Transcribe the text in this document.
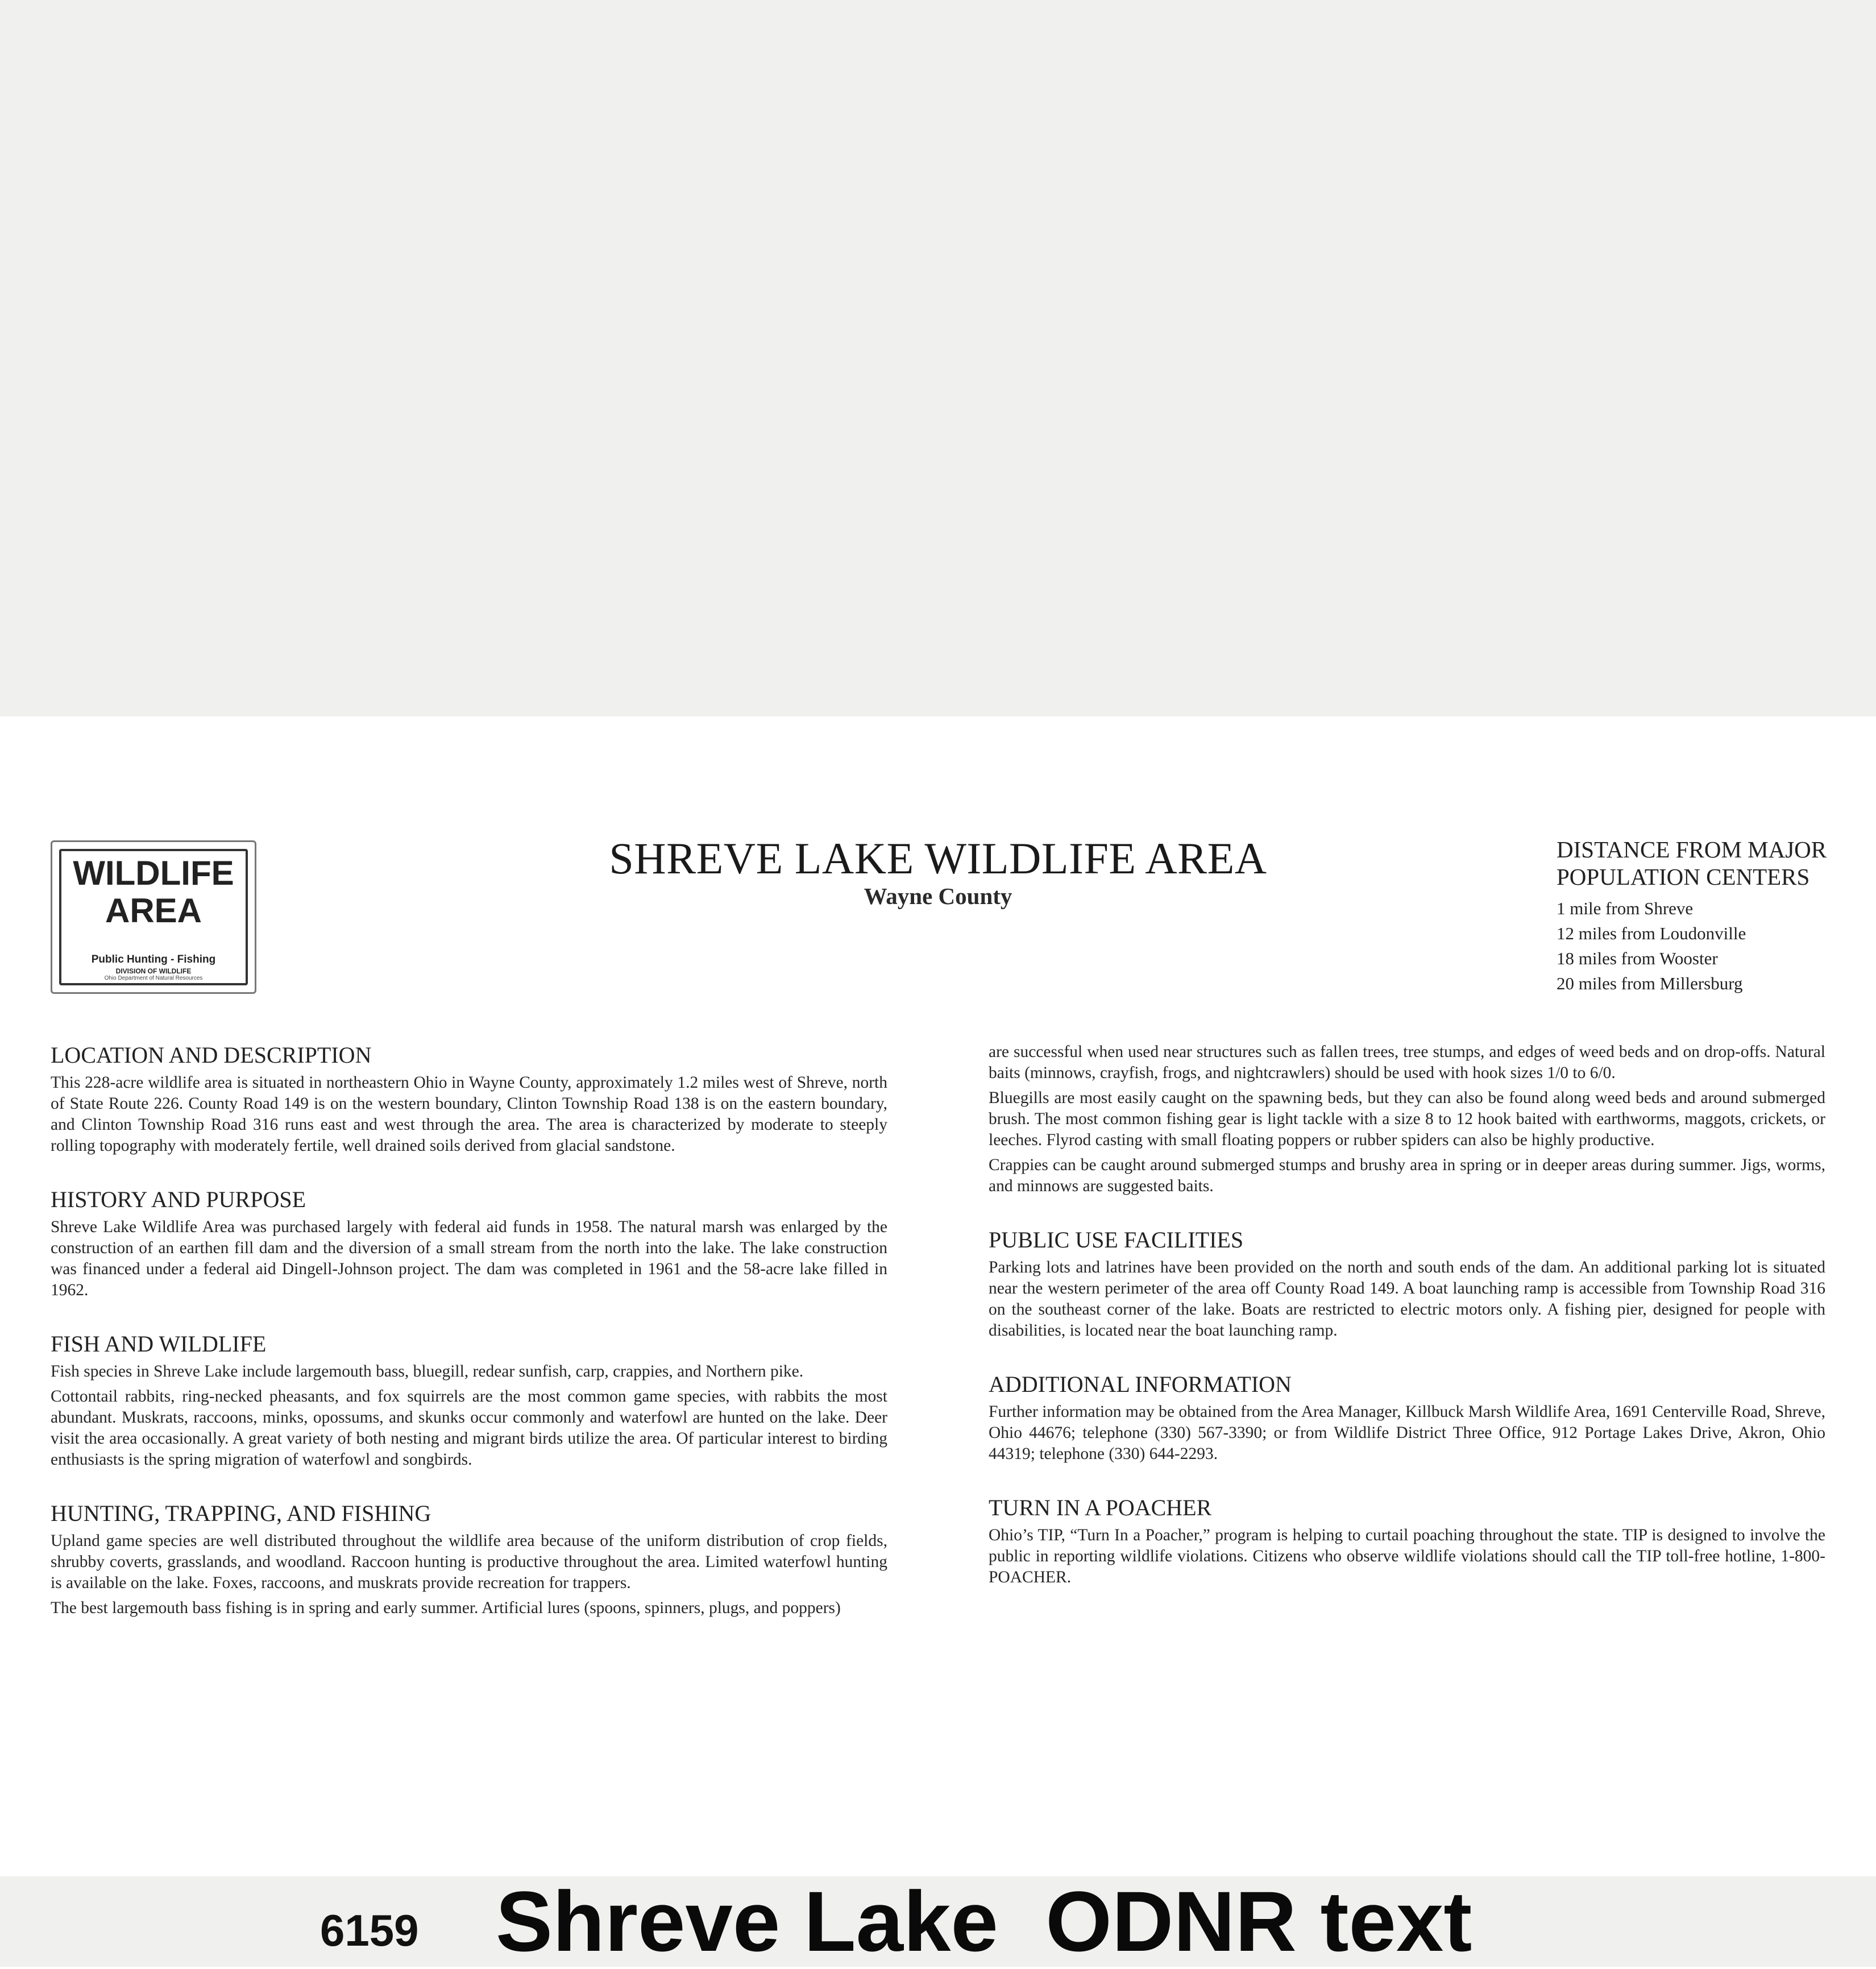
WILDLIFE
AREA
Public Hunting - Fishing
DIVISION OF WILDLIFE
Ohio Department of Natural Resources
SHREVE LAKE WILDLIFE AREA
Wayne County
DISTANCE FROM MAJOR
POPULATION CENTERS
1 mile from Shreve
12 miles from Loudonville
18 miles from Wooster
20 miles from Millersburg
LOCATION AND DESCRIPTION

This 228-acre wildlife area is situated in northeastern Ohio in Wayne County, approximately 1.2 miles west of Shreve, north of State Route 226. County Road 149 is on the western boundary, Clinton Township Road 138 is on the eastern boundary, and Clinton Township Road 316 runs east and west through the area. The area is characterized by moderate to steeply rolling topography with moderately fertile, well drained soils derived from glacial sandstone.

HISTORY AND PURPOSE

Shreve Lake Wildlife Area was purchased largely with federal aid funds in 1958. The natural marsh was enlarged by the construction of an earthen fill dam and the diversion of a small stream from the north into the lake. The lake construction was financed under a federal aid Dingell-Johnson project. The dam was completed in 1961 and the 58-acre lake filled in 1962.

FISH AND WILDLIFE

Fish species in Shreve Lake include largemouth bass, bluegill, redear sunfish, carp, crappies, and Northern pike.

Cottontail rabbits, ring-necked pheasants, and fox squirrels are the most common game species, with rabbits the most abundant. Muskrats, raccoons, minks, opossums, and skunks occur commonly and waterfowl are hunted on the lake. Deer visit the area occasionally. A great variety of both nesting and migrant birds utilize the area. Of particular interest to birding enthusiasts is the spring migration of waterfowl and songbirds.

HUNTING, TRAPPING, AND FISHING

Upland game species are well distributed throughout the wildlife area because of the uniform distribution of crop fields, shrubby coverts, grasslands, and woodland. Raccoon hunting is productive throughout the area. Limited waterfowl hunting is available on the lake. Foxes, raccoons, and muskrats provide recreation for trappers.

The best largemouth bass fishing is in spring and early summer. Artificial lures (spoons, spinners, plugs, and poppers)

are successful when used near structures such as fallen trees, tree stumps, and edges of weed beds and on drop-offs. Natural baits (minnows, crayfish, frogs, and nightcrawlers) should be used with hook sizes 1/0 to 6/0.

Bluegills are most easily caught on the spawning beds, but they can also be found along weed beds and around submerged brush. The most common fishing gear is light tackle with a size 8 to 12 hook baited with earthworms, maggots, crickets, or leeches. Flyrod casting with small floating poppers or rubber spiders can also be highly productive.

Crappies can be caught around submerged stumps and brushy area in spring or in deeper areas during summer. Jigs, worms, and minnows are suggested baits.

PUBLIC USE FACILITIES

Parking lots and latrines have been provided on the north and south ends of the dam. An additional parking lot is situated near the western perimeter of the area off County Road 149. A boat launching ramp is accessible from Township Road 316 on the southeast corner of the lake. Boats are restricted to electric motors only. A fishing pier, designed for people with disabilities, is located near the boat launching ramp.

ADDITIONAL INFORMATION

Further information may be obtained from the Area Manager, Killbuck Marsh Wildlife Area, 1691 Centerville Road, Shreve, Ohio 44676; telephone (330) 567-3390; or from Wildlife District Three Office, 912 Portage Lakes Drive, Akron, Ohio 44319; telephone (330) 644-2293.

TURN IN A POACHER

Ohio’s TIP, “Turn In a Poacher,” program is helping to curtail poaching throughout the state. TIP is designed to involve the public in reporting wildlife violations. Citizens who observe wildlife violations should call the TIP toll-free hotline, 1-800-POACHER.

6159 Shreve Lake  ODNR text
